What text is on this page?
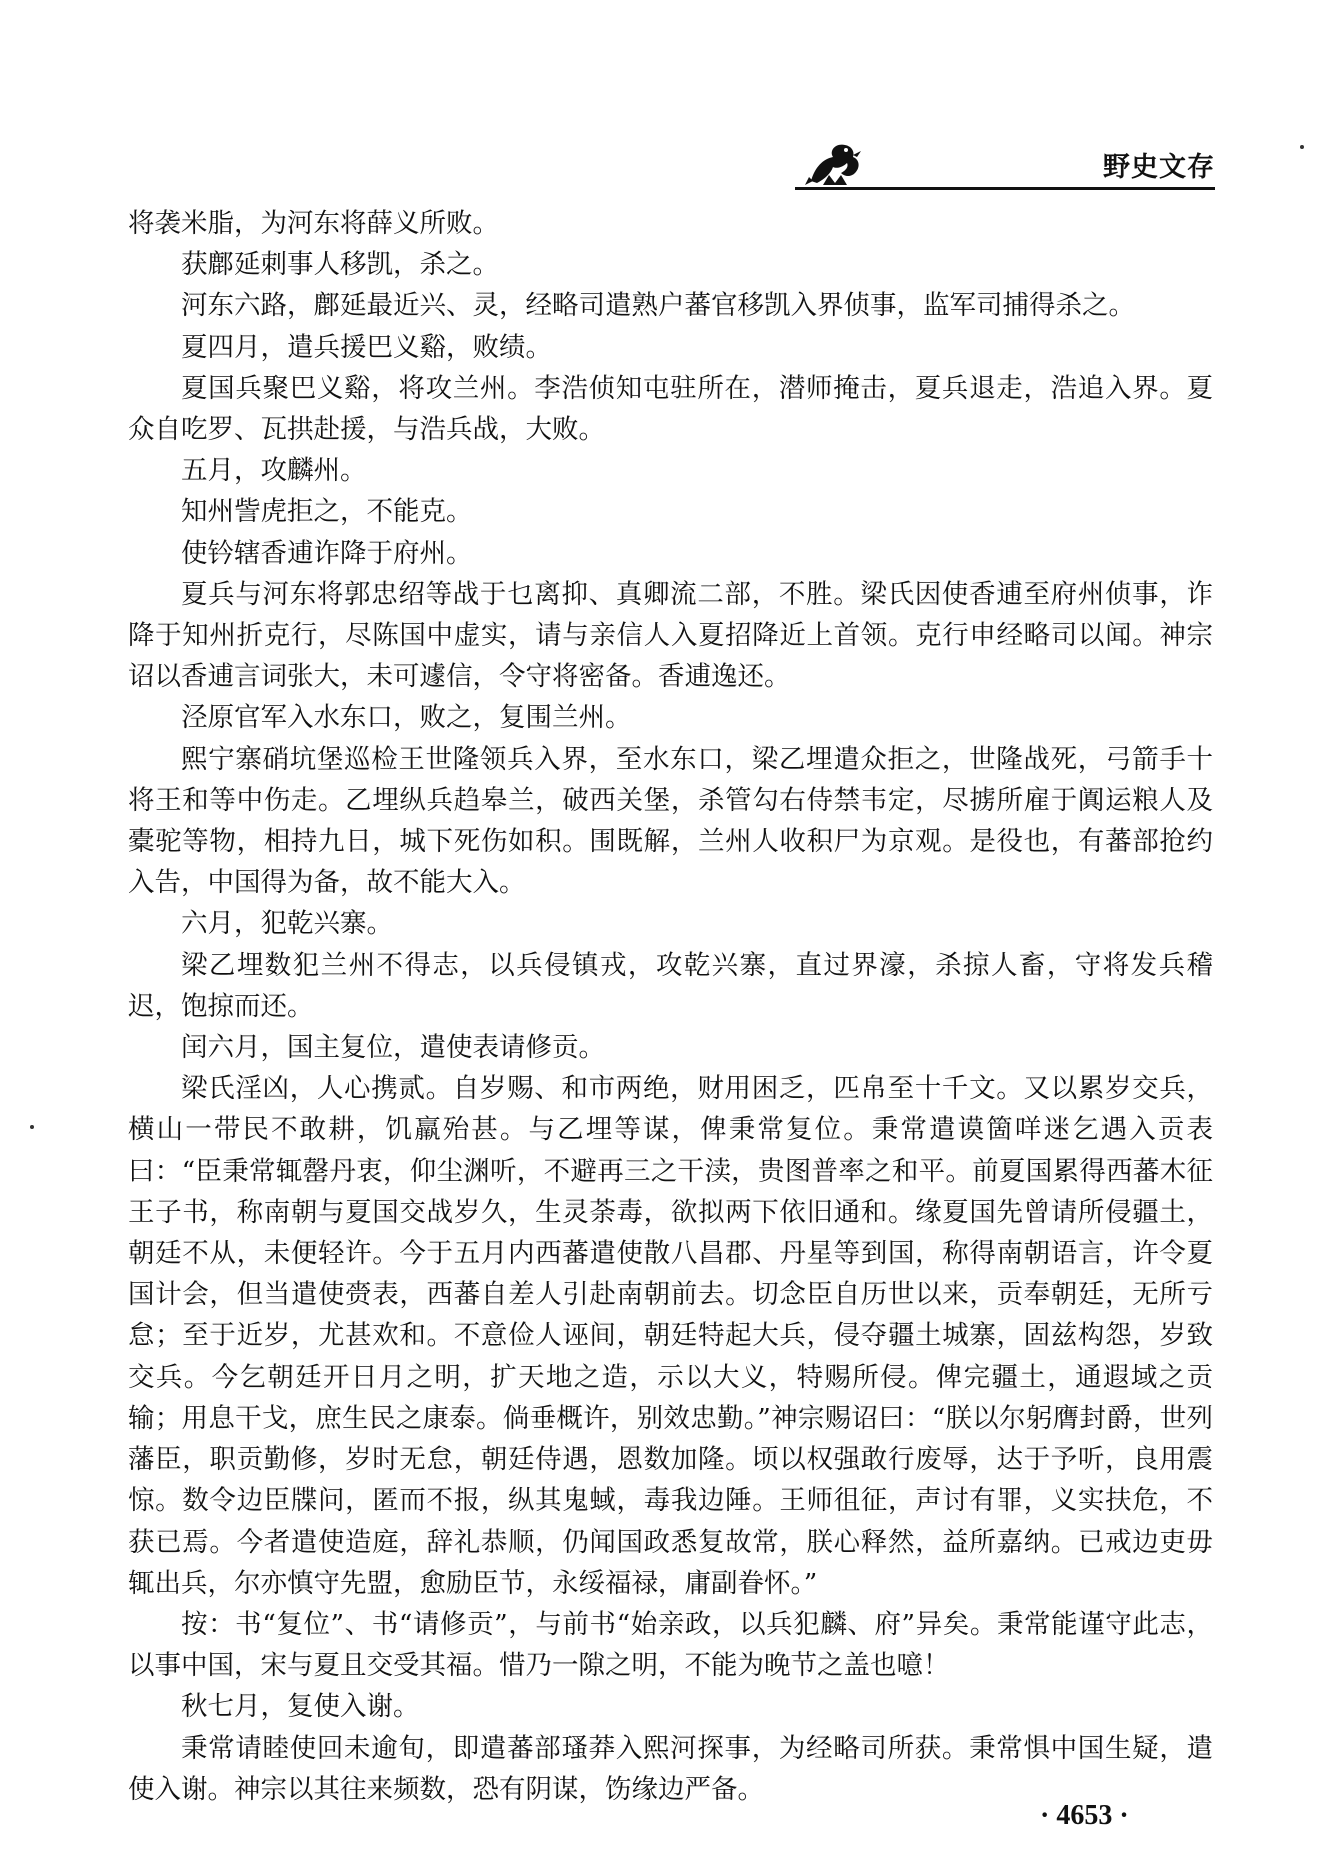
野史文存

将袭米脂，为河东将薛义所败。

获鄜延刺事人移凯，杀之。

河东六路，鄜延最近兴、灵，经略司遣熟户蕃官移凯入界侦事，监军司捕得杀之。

夏四月，遣兵援巴义谿，败绩。

夏国兵聚巴义谿，将攻兰州。李浩侦知屯驻所在，潜师掩击，夏兵退走，浩追入界。夏众自吃罗、瓦拱赴援，与浩兵战，大败。

五月，攻麟州。

知州訾虎拒之，不能克。

使钤辖香逋诈降于府州。

夏兵与河东将郭忠绍等战于乜离抑、真卿流二部，不胜。梁氏因使香逋至府州侦事，诈降于知州折克行，尽陈国中虚实，请与亲信人入夏招降近上首领。克行申经略司以闻。神宗诏以香逋言词张大，未可遽信，令守将密备。香逋逸还。

泾原官军入水东口，败之，复围兰州。

熙宁寨硝坑堡巡检王世隆领兵入界，至水东口，梁乙埋遣众拒之，世隆战死，弓箭手十将王和等中伤走。乙埋纵兵趋皋兰，破西关堡，杀管勾右侍禁韦定，尽掳所雇于阗运粮人及橐驼等物，相持九日，城下死伤如积。围既解，兰州人收积尸为京观。是役也，有蕃部抢约入告，中国得为备，故不能大入。

六月，犯乾兴寨。

梁乙埋数犯兰州不得志，以兵侵镇戎，攻乾兴寨，直过界濠，杀掠人畜，守将发兵稽迟，饱掠而还。

闰六月，国主复位，遣使表请修贡。

梁氏淫凶，人心携贰。自岁赐、和市两绝，财用困乏，匹帛至十千文。又以累岁交兵，横山一带民不敢耕，饥羸殆甚。与乙埋等谋，俾秉常复位。秉常遣谟箇咩迷乞遇入贡表曰：“臣秉常辄罄丹衷，仰尘渊听，不避再三之干渎，贵图普率之和平。前夏国累得西蕃木征王子书，称南朝与夏国交战岁久，生灵荼毒，欲拟两下依旧通和。缘夏国先曾请所侵疆土，朝廷不从，未便轻许。今于五月内西蕃遣使散八昌郡、丹星等到国，称得南朝语言，许令夏国计会，但当遣使赍表，西蕃自差人引赴南朝前去。切念臣自历世以来，贡奉朝廷，无所亏怠；至于近岁，尤甚欢和。不意俭人诬间，朝廷特起大兵，侵夺疆土城寨，固兹构怨，岁致交兵。今乞朝廷开日月之明，扩天地之造，示以大义，特赐所侵。俾完疆土，通遐域之贡输；用息干戈，庶生民之康泰。倘垂概许，别效忠勤。”神宗赐诏曰：“朕以尔躬膺封爵，世列藩臣，职贡勤修，岁时无怠，朝廷侍遇，恩数加隆。顷以权强敢行废辱，达于予听，良用震惊。数令边臣牒问，匿而不报，纵其鬼蜮，毒我边陲。王师徂征，声讨有罪，义实扶危，不获已焉。今者遣使造庭，辞礼恭顺，仍闻国政悉复故常，朕心释然，益所嘉纳。已戒边吏毋辄出兵，尔亦慎守先盟，愈励臣节，永绥福禄，庸副眷怀。”

按：书“复位”、书“请修贡”，与前书“始亲政，以兵犯麟、府”异矣。秉常能谨守此志，以事中国，宋与夏且交受其福。惜乃一隙之明，不能为晚节之盖也噫！

秋七月，复使入谢。

秉常请睦使回未逾旬，即遣蕃部瑵莽入熙河探事，为经略司所获。秉常惧中国生疑，遣使入谢。神宗以其往来频数，恐有阴谋，饬缘边严备。

· 4653 ·
